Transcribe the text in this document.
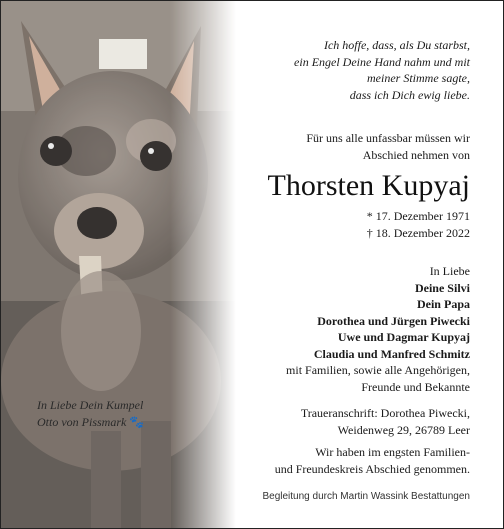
In Liebe Dein Kumpel
Otto von Pissmark 🐾
Ich hoffe, dass, als Du starbst,
ein Engel Deine Hand nahm und mit
meiner Stimme sagte,
dass ich Dich ewig liebe.
Für uns alle unfassbar müssen wir
Abschied nehmen von
Thorsten Kupyaj
* 17. Dezember 1971
† 18. Dezember 2022
In Liebe
Deine Silvi
Dein Papa
Dorothea und Jürgen Piwecki
Uwe und Dagmar Kupyaj
Claudia und Manfred Schmitz
mit Familien, sowie alle Angehörigen,
Freunde und Bekannte
Traueranschrift: Dorothea Piwecki,
Weidenweg 29, 26789 Leer
Wir haben im engsten Familien-
und Freundeskreis Abschied genommen.
Begleitung durch Martin Wassink Bestattungen
